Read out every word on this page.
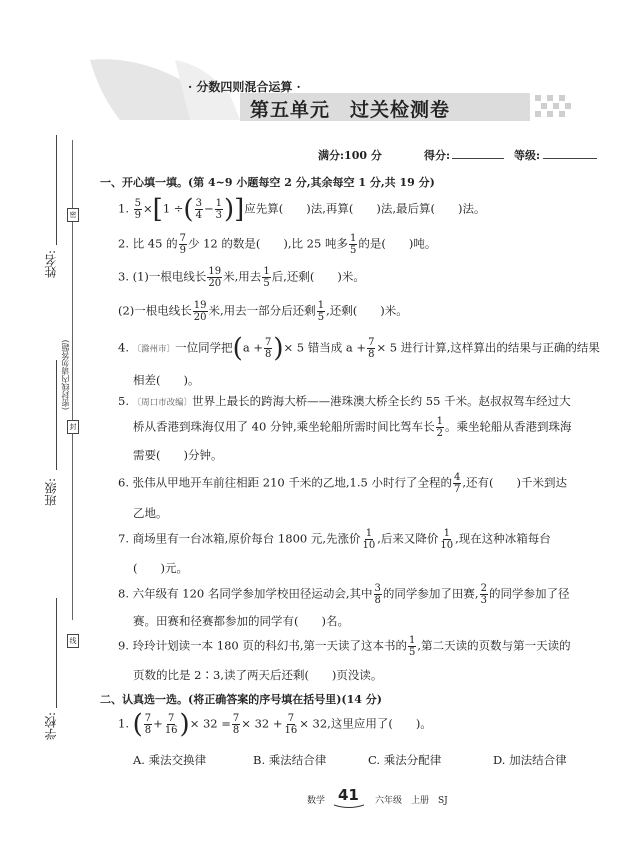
· 分数四则混合运算 ·
第五单元　过关检测卷
满分:100 分	得分:	等级:
密
封
线
(密封线内请勿答题)
姓名:
班级:
学校:
一、开心填一填。(第 4~9 小题每空 2 分,其余每空 1 分,共 19 分)
1. $\frac{5}{9} \times[1$ ÷( $\frac{3}{4} - \frac{1}{3}$ )]应先算(　　)法,再算(　　)法,最后算(　　)法。
2. 比 45 的 $\frac{7}{9}$ 少 12 的数是(　　),比 25 吨多 $\frac{1}{5}$ 的是(　　)吨。
3. (1)一根电线长 $\frac{19}{20}$ 米,用去 $\frac{1}{5}$ 后,还剩(　　)米。
(2)一根电线长 $\frac{19}{20}$ 米,用去一部分后还剩 $\frac{1}{5}$ ,还剩(　　)米。
4. 〔滁州市〕一位同学把($a + \frac{7}{8}$ )× 5 错当成 $a + \frac{7}{8} \times 5$ 进行计算,这样算出的结果与正确的结果
相差(　　)。
5. 〔周口市改编〕世界上最长的跨海大桥——港珠澳大桥全长约 55 千米。赵叔叔驾车经过大
桥从香港到珠海仅用了 40 分钟,乘坐轮船所需时间比驾车长 $\frac{1}{2}$ 。乘坐轮船从香港到珠海
需要(　　)分钟。
6. 张伟从甲地开车前往相距 210 千米的乙地,1.5 小时行了全程的 $\frac{4}{7}$ ,还有(　　)千米到达
乙地。
7. 商场里有一台冰箱,原价每台 1800 元,先涨价 $\frac{1}{10}$ ,后来又降价 $\frac{1}{10}$ ,现在这种冰箱每台
(　　)元。
8. 六年级有 120 名同学参加学校田径运动会,其中 $\frac{3}{8}$ 的同学参加了田赛, $\frac{2}{3}$ 的同学参加了径
赛。田赛和径赛都参加的同学有(　　)名。
9. 玲玲计划读一本 180 页的科幻书,第一天读了这本书的 $\frac{1}{5}$ ,第二天读的页数与第一天读的
页数的比是 2∶3,读了两天后还剩(　　)页没读。
二、认真选一选。(将正确答案的序号填在括号里)(14 分)
1. ( $\frac{7}{8} + \frac{7}{16}$ )× $32 = \frac{7}{8} \times 32 + \frac{7}{16} \times 32$,这里应用了(　　)。
A. 乘法交换律	B. 乘法结合律	C. 乘法分配律	D. 加法结合律
数学 41 六年级　上册　SJ
